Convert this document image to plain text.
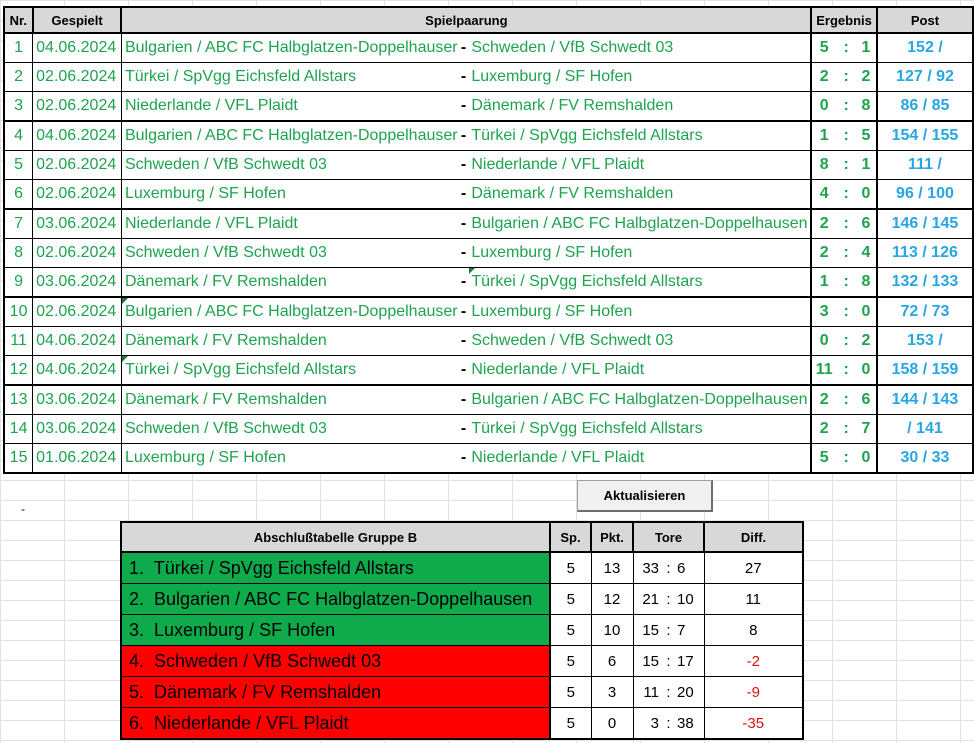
Nr.	Gespielt	Spielpaarung			Ergebnis			Post
1	04.06.2024	Bulgarien / ABC FC Halbglatzen-Doppelhauser	-	Schweden / VfB Schwedt 03	5	:	1	152 /
2	02.06.2024	Türkei / SpVgg Eichsfeld Allstars	-	Luxemburg / SF Hofen	2	:	2	127 / 92
3	02.06.2024	Niederlande / VFL Plaidt	-	Dänemark / FV Remshalden	0	:	8	86 / 85
4	04.06.2024	Bulgarien / ABC FC Halbglatzen-Doppelhauser	-	Türkei / SpVgg Eichsfeld Allstars	1	:	5	154 / 155
5	02.06.2024	Schweden / VfB Schwedt 03	-	Niederlande / VFL Plaidt	8	:	1	111 /
6	02.06.2024	Luxemburg / SF Hofen	-	Dänemark / FV Remshalden	4	:	0	96 / 100
7	03.06.2024	Niederlande / VFL Plaidt	-	Bulgarien / ABC FC Halbglatzen-Doppelhausen	2	:	6	146 / 145
8	02.06.2024	Schweden / VfB Schwedt 03	-	Luxemburg / SF Hofen	2	:	4	113 / 126
9	03.06.2024	Dänemark / FV Remshalden	-	Türkei / SpVgg Eichsfeld Allstars	1	:	8	132 / 133
10	02.06.2024	Bulgarien / ABC FC Halbglatzen-Doppelhauser	-	Luxemburg / SF Hofen	3	:	0	72 / 73
11	04.06.2024	Dänemark / FV Remshalden	-	Schweden / VfB Schwedt 03	0	:	2	153 /
12	04.06.2024	Türkei / SpVgg Eichsfeld Allstars	-	Niederlande / VFL Plaidt	11	:	0	158 / 159
13	03.06.2024	Dänemark / FV Remshalden	-	Bulgarien / ABC FC Halbglatzen-Doppelhausen	2	:	6	144 / 143
14	03.06.2024	Schweden / VfB Schwedt 03	-	Türkei / SpVgg Eichsfeld Allstars	2	:	7	/ 141
15	01.06.2024	Luxemburg / SF Hofen	-	Niederlande / VFL Plaidt	5	:	0	30 / 33
-
Aktualisieren
Abschlußtabelle Gruppe B	Sp.	Pkt.	Tore			Diff.
1. Türkei / SpVgg Eichsfeld Allstars	5	13	33	:	6	27
2. Bulgarien / ABC FC Halbglatzen-Doppelhausen	5	12	21	:	10	11
3. Luxemburg / SF Hofen	5	10	15	:	7	8
4. Schweden / VfB Schwedt 03	5	6	15	:	17	-2
5. Dänemark / FV Remshalden	5	3	11	:	20	-9
6. Niederlande / VFL Plaidt	5	0	3	:	38	-35
